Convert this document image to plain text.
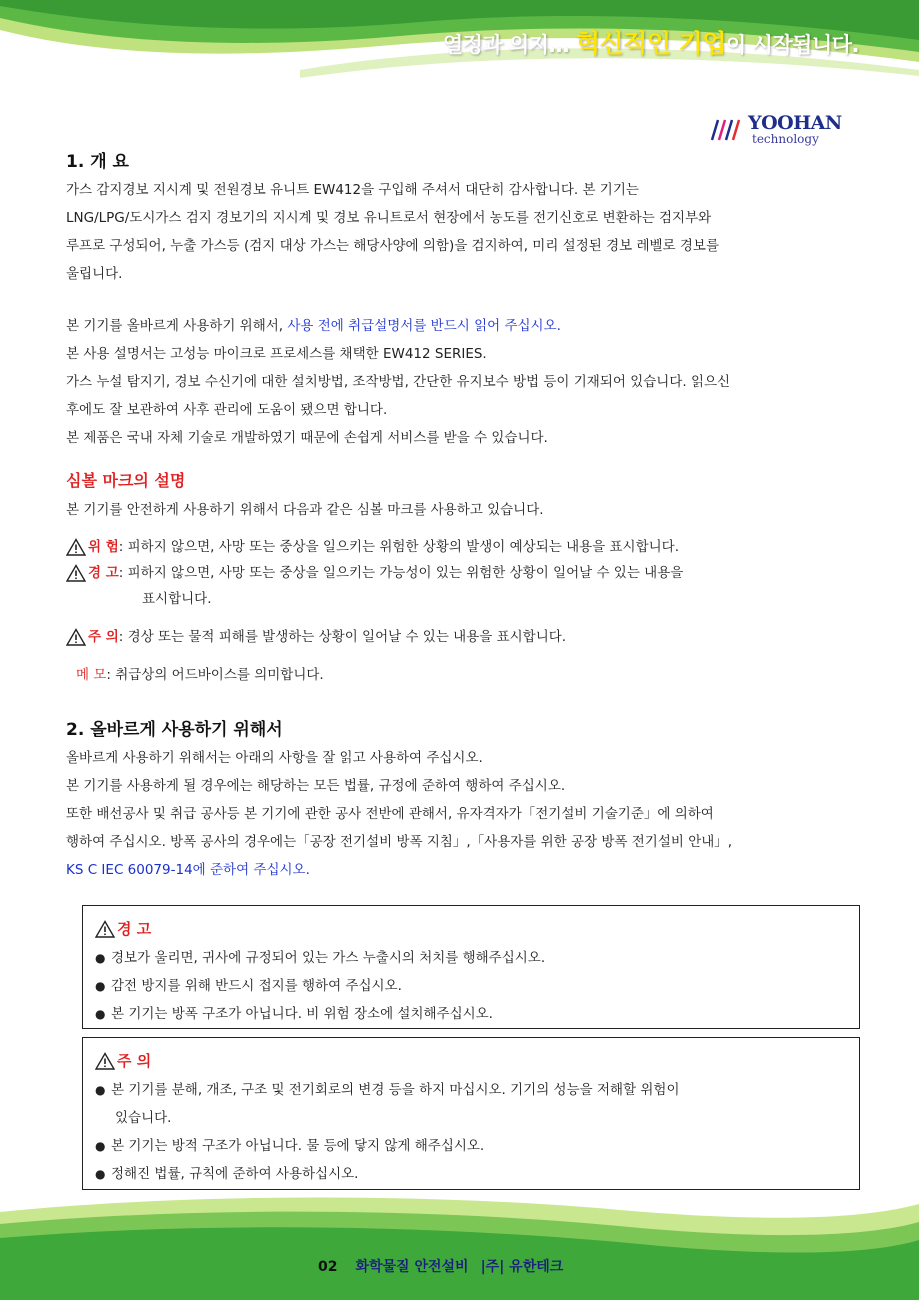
열정과 의지… 혁신적인 기업이 시작됩니다.
YOOHAN
technology
1. 개 요

가스 감지경보 지시계 및 전원경보 유니트 EW412을 구입해 주셔서 대단히 감사합니다. 본 기기는

LNG/LPG/도시가스 검지 경보기의 지시계 및 경보 유니트로서 현장에서 농도를 전기신호로 변환하는 검지부와

루프로 구성되어, 누출 가스등 (검지 대상 가스는 해당사양에 의함)을 검지하여, 미리 설정된 경보 레벨로 경보를

울립니다.

본 기기를 올바르게 사용하기 위해서, 사용 전에 취급설명서를 반드시 읽어 주십시오.

본 사용 설명서는 고성능 마이크로 프로세스를 채택한 EW412 SERIES.

가스 누설 탐지기, 경보 수신기에 대한 설치방법, 조작방법, 간단한 유지보수 방법 등이 기재되어 있습니다. 읽으신

후에도 잘 보관하여 사후 관리에 도움이 됐으면 합니다.

본 제품은 국내 자체 기술로 개발하였기 때문에 손쉽게 서비스를 받을 수 있습니다.

심볼 마크의 설명

본 기기를 안전하게 사용하기 위해서 다음과 같은 심볼 마크를 사용하고 있습니다.

위 험 : 피하지 않으면, 사망 또는 중상을 일으키는 위험한 상황의 발생이 예상되는 내용을 표시합니다.
경 고 : 피하지 않으면, 사망 또는 중상을 일으키는 가능성이 있는 위험한 상황이 일어날 수 있는 내용을
표시합니다.
주 의 : 경상 또는 물적 피해를 발생하는 상황이 일어날 수 있는 내용을 표시합니다.
메 모 : 취급상의 어드바이스를 의미합니다.
2. 올바르게 사용하기 위해서

올바르게 사용하기 위해서는 아래의 사항을 잘 읽고 사용하여 주십시오.

본 기기를 사용하게 될 경우에는 해당하는 모든 법률, 규정에 준하여 행하여 주십시오.

또한 배선공사 및 취급 공사등 본 기기에 관한 공사 전반에 관해서, 유자격자가「전기설비 기술기준」에 의하여

행하여 주십시오. 방폭 공사의 경우에는「공장 전기설비 방폭 지침」,「사용자를 위한 공장 방폭 전기설비 안내」,

KS C IEC 60079-14에 준하여 주십시오.

경 고
● 경보가 울리면, 귀사에 규정되어 있는 가스 누출시의 처치를 행해주십시오.
● 감전 방지를 위해 반드시 접지를 행하여 주십시오.
● 본 기기는 방폭 구조가 아닙니다. 비 위험 장소에 설치해주십시오.
주 의
● 본 기기를 분해, 개조, 구조 및 전기회로의 변경 등을 하지 마십시오. 기기의 성능을 저해할 위험이
있습니다.
● 본 기기는 방적 구조가 아닙니다. 물 등에 닿지 않게 해주십시오.
● 정해진 법률, 규칙에 준하여 사용하십시오.
02 화학물질 안전설비 |주| 유한테크
